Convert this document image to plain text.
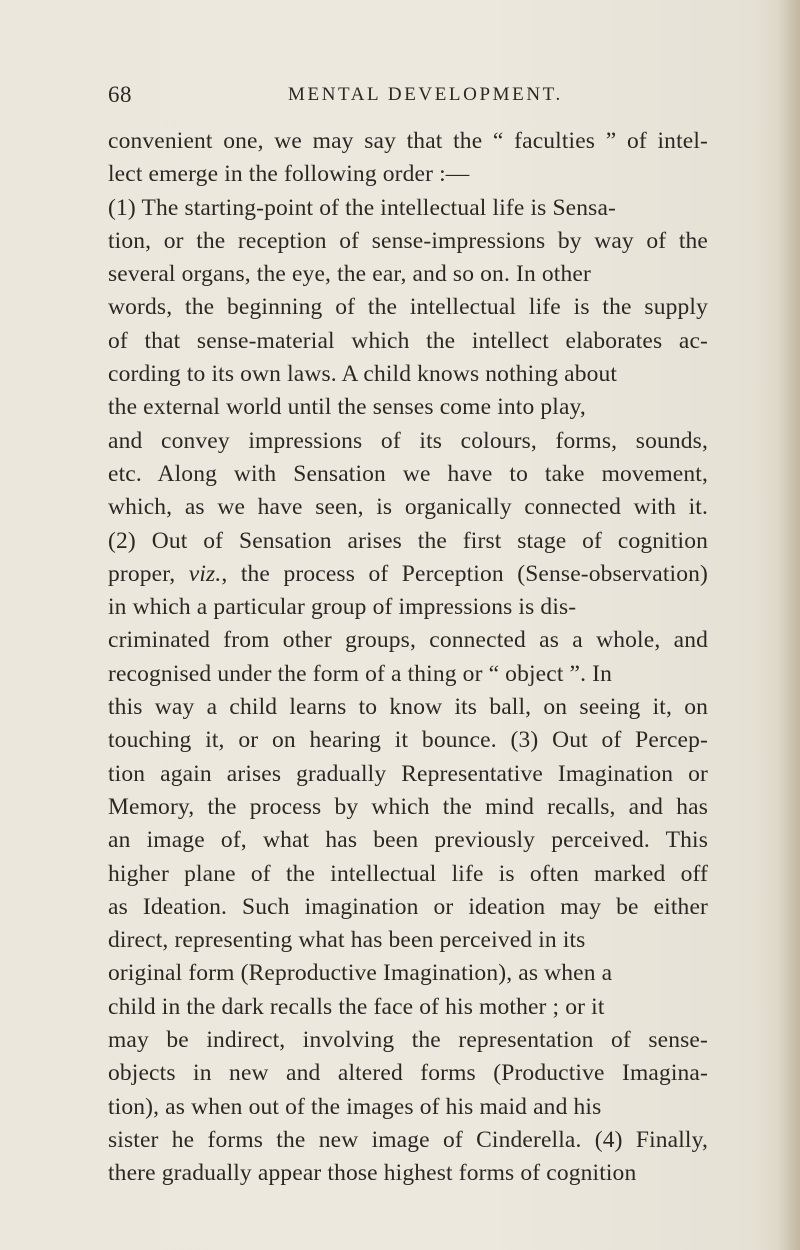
68	MENTAL DEVELOPMENT.
convenient one, we may say that the “ faculties ” of intel-
lect emerge in the following order :—
(1) The starting-point of the intellectual life is Sensa-
tion, or the reception of sense-impressions by way of the
several organs, the eye, the ear, and so on. In other
words, the beginning of the intellectual life is the supply
of that sense-material which the intellect elaborates ac-
cording to its own laws. A child knows nothing about
the external world until the senses come into play,
and convey impressions of its colours, forms, sounds,
etc. Along with Sensation we have to take movement,
which, as we have seen, is organically connected with it.
(2) Out of Sensation arises the first stage of cognition
proper, viz., the process of Perception (Sense-observation)
in which a particular group of impressions is dis-
criminated from other groups, connected as a whole, and
recognised under the form of a thing or “ object ”. In
this way a child learns to know its ball, on seeing it, on
touching it, or on hearing it bounce. (3) Out of Percep-
tion again arises gradually Representative Imagination or
Memory, the process by which the mind recalls, and has
an image of, what has been previously perceived. This
higher plane of the intellectual life is often marked off
as Ideation. Such imagination or ideation may be either
direct, representing what has been perceived in its
original form (Reproductive Imagination), as when a
child in the dark recalls the face of his mother ; or it
may be indirect, involving the representation of sense-
objects in new and altered forms (Productive Imagina-
tion), as when out of the images of his maid and his
sister he forms the new image of Cinderella. (4) Finally,
there gradually appear those highest forms of cognition
